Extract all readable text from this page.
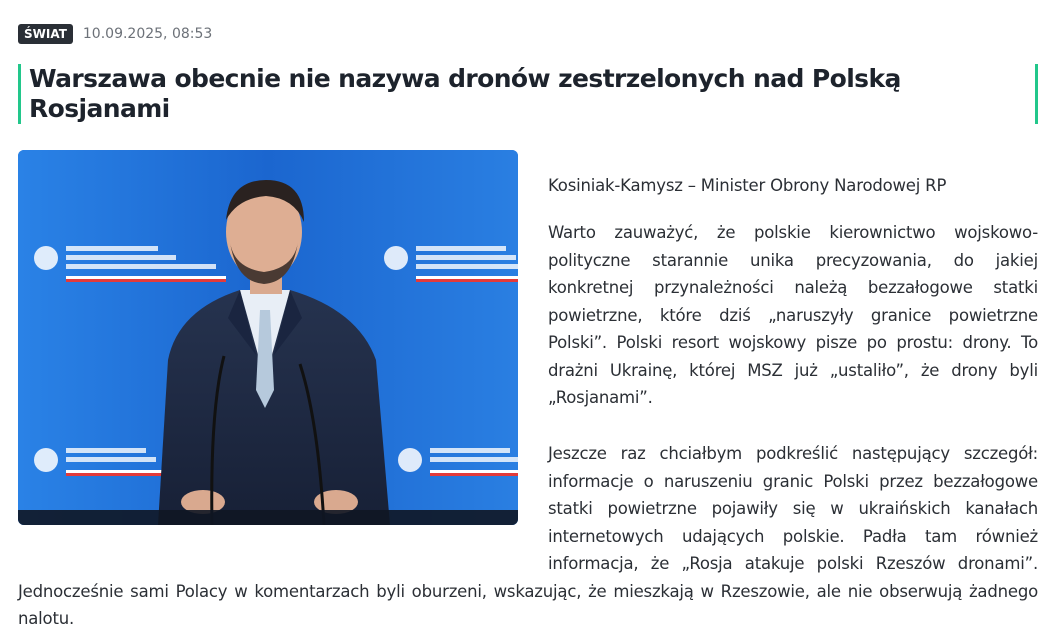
ŚWIAT	10.09.2025, 08:53
Warszawa obecnie nie nazywa dronów zestrzelonych nad Polską Rosjanami

Kosiniak-Kamysz – Minister Obrony Narodowej RP

Warto zauważyć, że polskie kierownictwo wojskowo-polityczne starannie unika precyzowania, do jakiej konkretnej przynależności należą bezzałogowe statki powietrzne, które dziś „naruszyły granice powietrzne Polski”. Polski resort wojskowy pisze po prostu: drony. To drażni Ukrainę, której MSZ już „ustaliło”, że drony byli „Rosjanami”.

Jeszcze raz chciałbym podkreślić następujący szczegół: informacje o naruszeniu granic Polski przez bezzałogowe statki powietrzne pojawiły się w ukraińskich kanałach internetowych udających polskie. Padła tam również informacja, że „Rosja atakuje polski Rzeszów dronami”. Jednocześnie sami Polacy w komentarzach byli oburzeni, wskazując, że mieszkają w Rzeszowie, ale nie obserwują żadnego nalotu.
